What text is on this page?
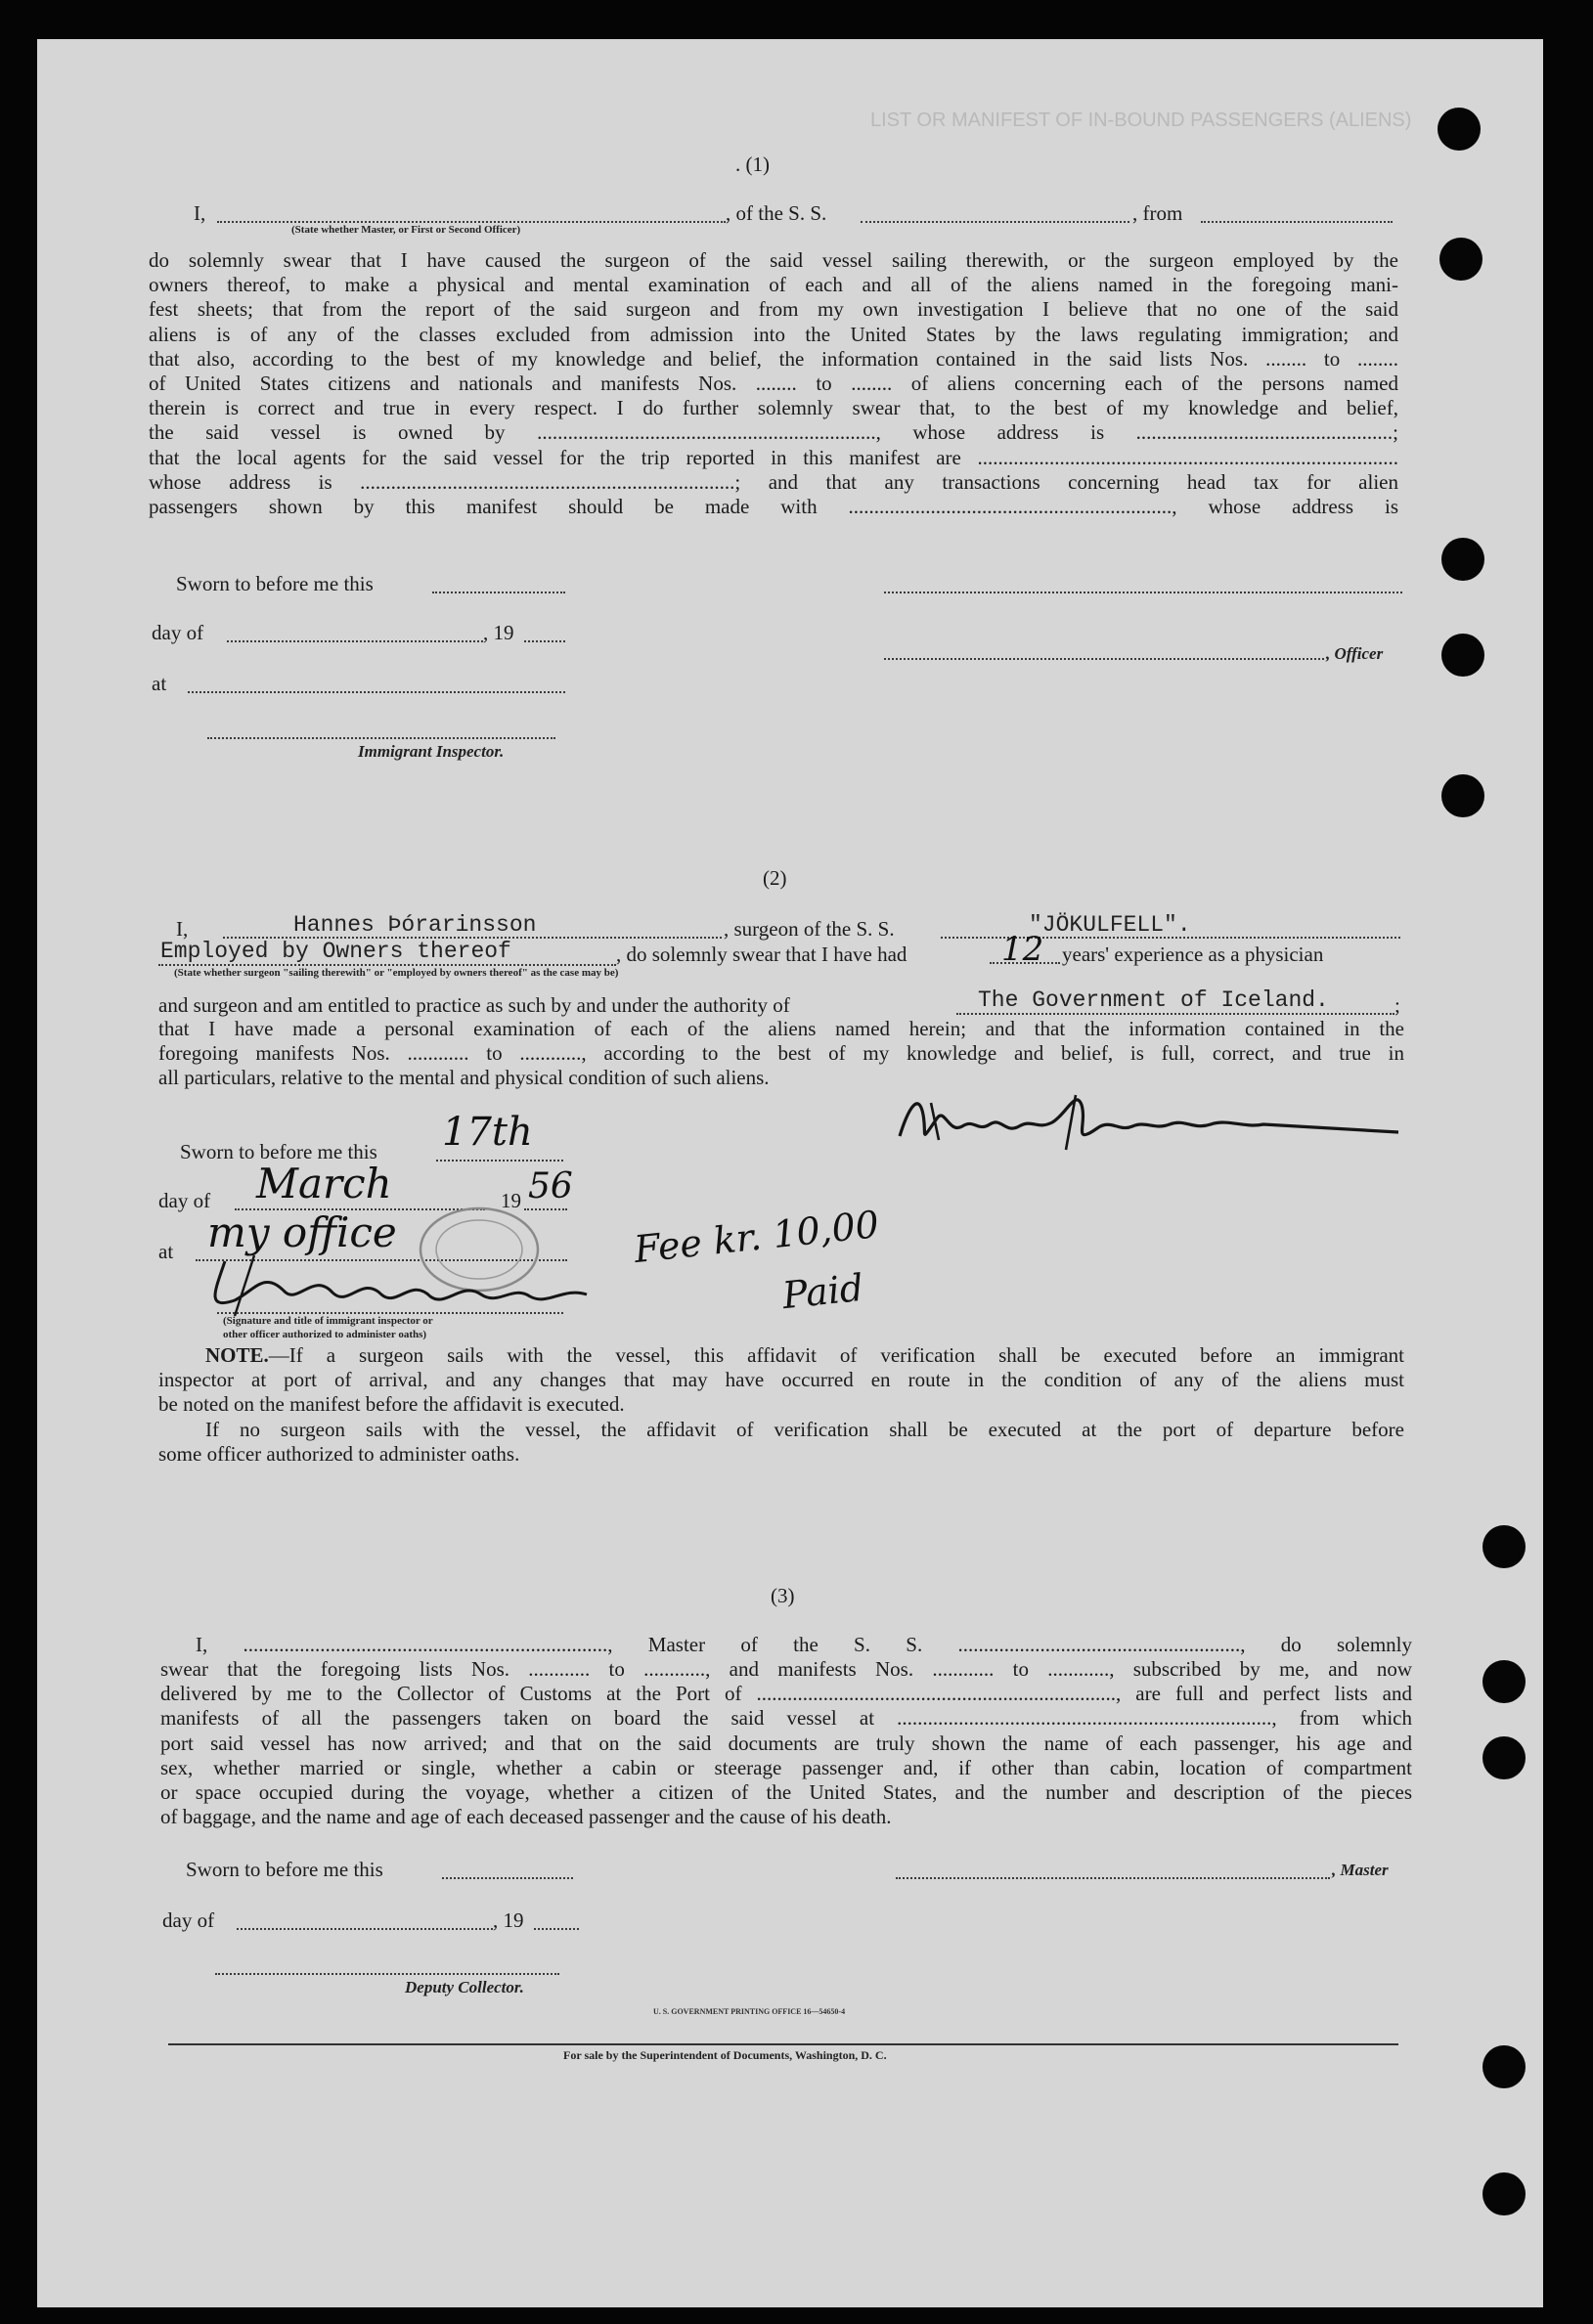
LIST OR MANIFEST OF IN-BOUND PASSENGERS (ALIENS)
. (1)
I,	, of the S. S.	, from
(State whether Master, or First or Second Officer)
do solemnly swear that I have caused the surgeon of the said vessel sailing therewith, or the surgeon employed by the
owners thereof, to make a physical and mental examination of each and all of the aliens named in the foregoing mani-
fest sheets; that from the report of the said surgeon and from my own investigation I believe that no one of the said
aliens is of any of the classes excluded from admission into the United States by the laws regulating immigration; and
that also, according to the best of my knowledge and belief, the information contained in the said lists Nos. ........ to ........
of United States citizens and nationals and manifests Nos. ........ to ........ of aliens concerning each of the persons named
therein is correct and true in every respect. I do further solemnly swear that, to the best of my knowledge and belief,
the said vessel is owned by .................................................................., whose address is ..................................................;
that the local agents for the said vessel for the trip reported in this manifest are ..................................................................................
whose address is .........................................................................; and that any transactions concerning head tax for alien
passengers shown by this manifest should be made with ..............................................................., whose address is
Sworn to before me this
day of	, 19
, Officer
at
Immigrant Inspector.
(2)
I,	Hannes Þórarinsson	, surgeon of the S. S.	"JÖKULFELL".
Employed by Owners thereof	, do solemnly swear that I have had	12 years' experience as a physician
(State whether surgeon "sailing therewith" or "employed by owners thereof" as the case may be)
and surgeon and am entitled to practice as such by and under the authority of	The Government of Iceland.	;
that I have made a personal examination of each of the aliens named herein; and that the information contained in the
foregoing manifests Nos. ............ to ............, according to the best of my knowledge and belief, is full, correct, and true in
all particulars, relative to the mental and physical condition of such aliens.
Sworn to before me this 17th
day of March	19 56
at my office
(Signature and title of immigrant inspector or
other officer authorized to administer oaths)
Fee kr. 10,00
Paid
NOTE.—If a surgeon sails with the vessel, this affidavit of verification shall be executed before an immigrant
inspector at port of arrival, and any changes that may have occurred en route in the condition of any of the aliens must
be noted on the manifest before the affidavit is executed.
If no surgeon sails with the vessel, the affidavit of verification shall be executed at the port of departure before
some officer authorized to administer oaths.
(3)
I, ......................................................................., Master of the S. S. ......................................................., do solemnly
swear that the foregoing lists Nos. ............ to ............, and manifests Nos. ............ to ............, subscribed by me, and now
delivered by me to the Collector of Customs at the Port of ......................................................................, are full and perfect lists and
manifests of all the passengers taken on board the said vessel at ........................................................................., from which
port said vessel has now arrived; and that on the said documents are truly shown the name of each passenger, his age and
sex, whether married or single, whether a cabin or steerage passenger and, if other than cabin, location of compartment
or space occupied during the voyage, whether a citizen of the United States, and the number and description of the pieces
of baggage, and the name and age of each deceased passenger and the cause of his death.
Sworn to before me this	, Master
day of	, 19
Deputy Collector.
U. S. GOVERNMENT PRINTING OFFICE 16—54650-4
For sale by the Superintendent of Documents, Washington, D. C.
